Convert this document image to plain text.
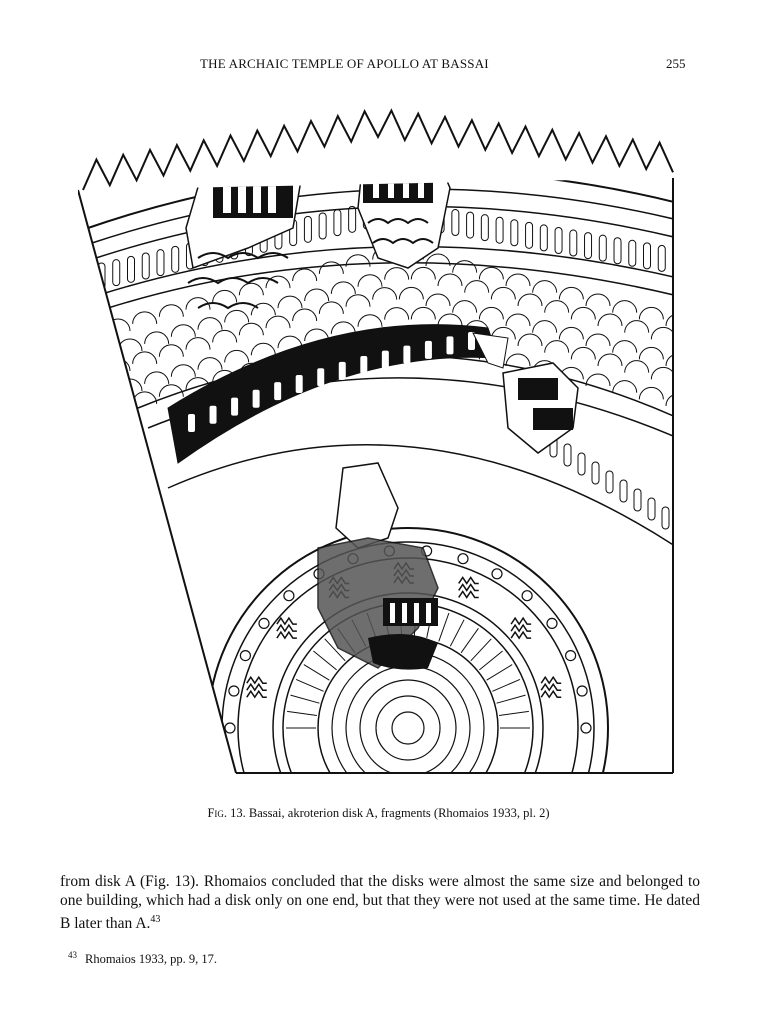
THE ARCHAIC TEMPLE OF APOLLO AT BASSAI	255
Fig. 13. Bassai, akroterion disk A, fragments (Rhomaios 1933, pl. 2)
from disk A (Fig. 13). Rhomaios concluded that the disks were almost the same size and belonged to one building, which had a disk only on one end, but that they were not used at the same time. He dated B later than A.$^{43}$
$^{43}$ Rhomaios 1933, pp. 9, 17.
